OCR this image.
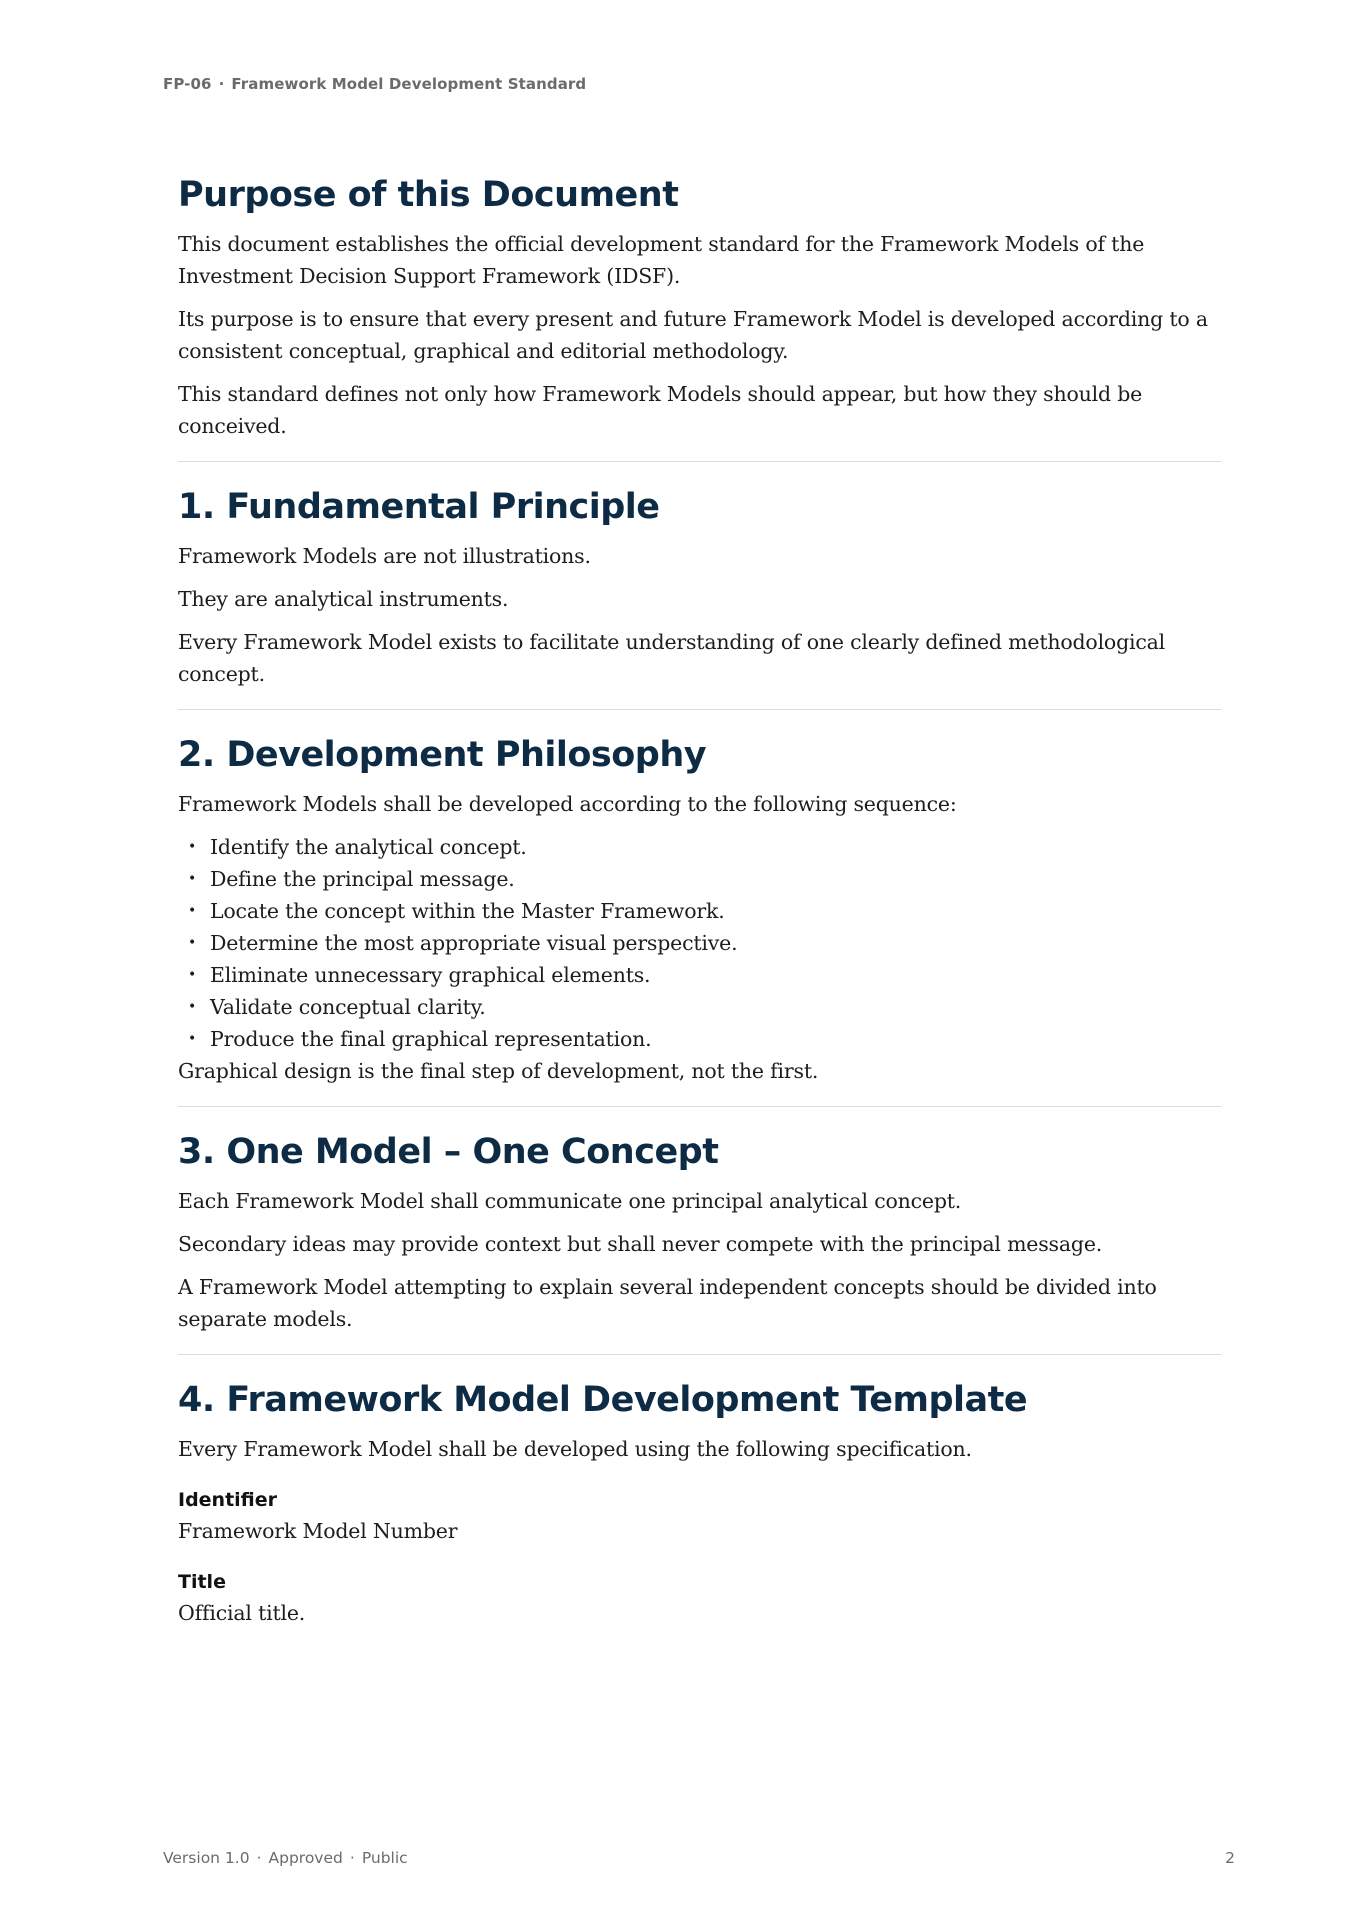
FP-06 · Framework Model Development Standard
Purpose of this Document

This document establishes the official development standard for the Framework Models of the Investment Decision Support Framework (IDSF).

Its purpose is to ensure that every present and future Framework Model is developed according to a consistent conceptual, graphical and editorial methodology.

This standard defines not only how Framework Models should appear, but how they should be conceived.

1. Fundamental Principle

Framework Models are not illustrations.

They are analytical instruments.

Every Framework Model exists to facilitate understanding of one clearly defined methodological concept.

2. Development Philosophy

Framework Models shall be developed according to the following sequence:

• Identify the analytical concept.
• Define the principal message.
• Locate the concept within the Master Framework.
• Determine the most appropriate visual perspective.
• Eliminate unnecessary graphical elements.
• Validate conceptual clarity.
• Produce the final graphical representation.

Graphical design is the final step of development, not the first.

3. One Model – One Concept

Each Framework Model shall communicate one principal analytical concept.

Secondary ideas may provide context but shall never compete with the principal message.

A Framework Model attempting to explain several independent concepts should be divided into separate models.

4. Framework Model Development Template

Every Framework Model shall be developed using the following specification.

Identifier
Framework Model Number
Title
Official title.
Version 1.0 · Approved · Public	2
